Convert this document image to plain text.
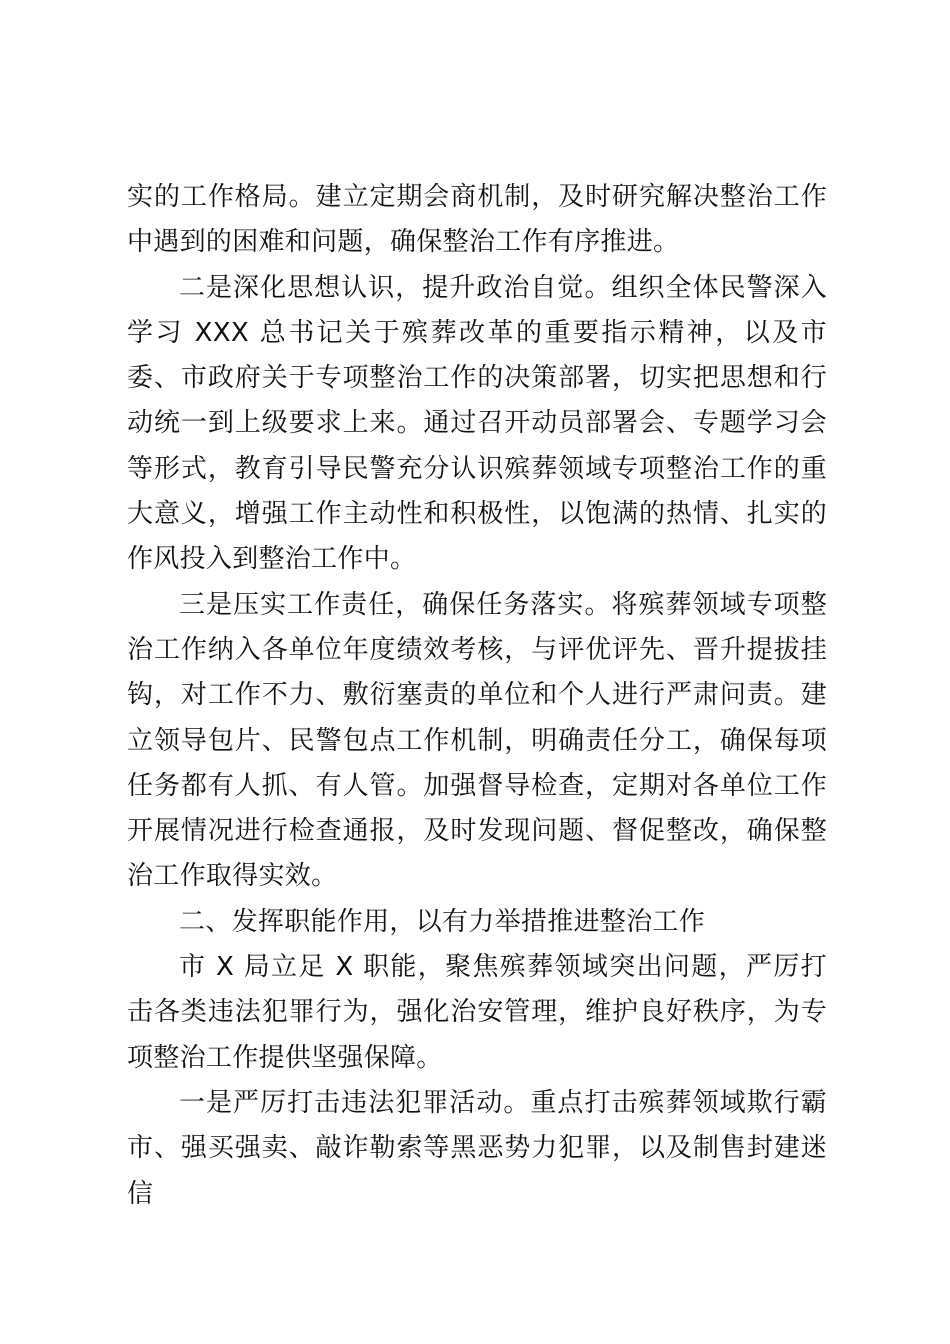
实的工作格局。建立定期会商机制，及时研究解决整治工作中遇到的困难和问题，确保整治工作有序推进。

二是深化思想认识，提升政治自觉。组织全体民警深入学习 XXX 总书记关于殡葬改革的重要指示精神，以及市委、市政府关于专项整治工作的决策部署，切实把思想和行动统一到上级要求上来。通过召开动员部署会、专题学习会等形式，教育引导民警充分认识殡葬领域专项整治工作的重大意义，增强工作主动性和积极性，以饱满的热情、扎实的作风投入到整治工作中。

三是压实工作责任，确保任务落实。将殡葬领域专项整治工作纳入各单位年度绩效考核，与评优评先、晋升提拔挂钩，对工作不力、敷衍塞责的单位和个人进行严肃问责。建立领导包片、民警包点工作机制，明确责任分工，确保每项任务都有人抓、有人管。加强督导检查，定期对各单位工作开展情况进行检查通报，及时发现问题、督促整改，确保整治工作取得实效。

二、发挥职能作用，以有力举措推进整治工作

市 X 局立足 X 职能，聚焦殡葬领域突出问题，严厉打击各类违法犯罪行为，强化治安管理，维护良好秩序，为专项整治工作提供坚强保障。

一是严厉打击违法犯罪活动。重点打击殡葬领域欺行霸市、强买强卖、敲诈勒索等黑恶势力犯罪，以及制售封建迷信
